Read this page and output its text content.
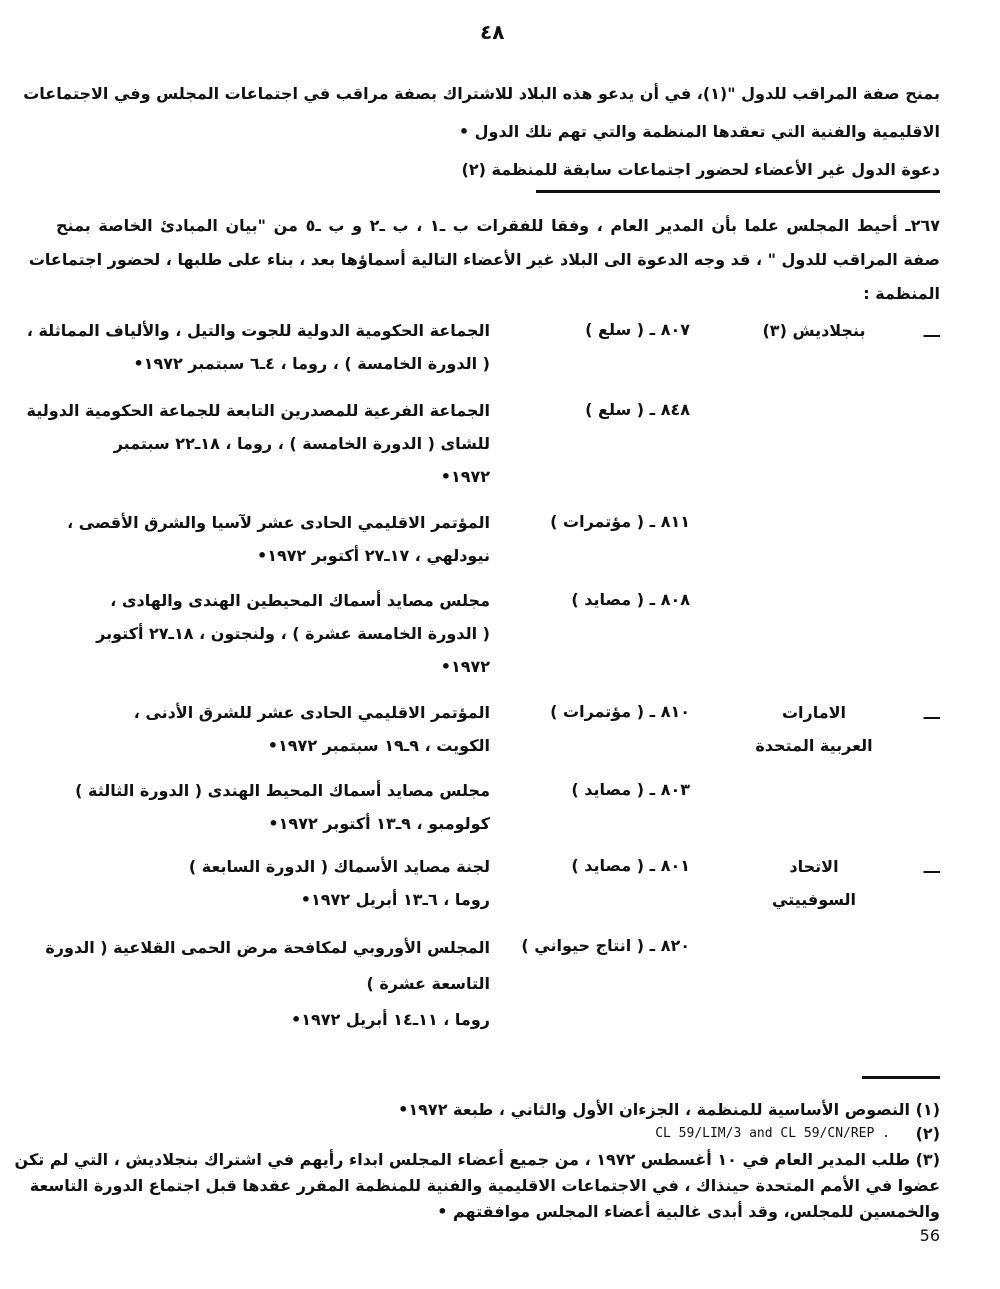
٤٨
بمنح صفة المراقب للدول "(١)، في أن يدعو هذه البلاد للاشتراك بصفة مراقب في اجتماعات المجلس وفي الاجتماعات
الاقليمية والفنية التي تعقدها المنظمة والتي تهم تلك الدول •
دعوة الدول غير الأعضاء لحضور اجتماعات سابقة للمنظمة (٢)
٢٦٧ـ أحيط المجلس علما بأن المدير العام ، وفقا للفقرات ب ـ١ ، ب ـ٢ و ب ـ٥ من "بيان المبادئ الخاصة بمنح
صفة المراقب للدول " ، قد وجه الدعوة الى البلاد غير الأعضاء التالية أسماؤها بعد ، بناء على طلبها ، لحضور اجتماعات
المنظمة :
ـــ
بنجلاديش (٣)
٨٠٧ ـ ( سلع )
الجماعة الحكومية الدولية للجوت والتيل ، والألياف المماثلة ،
( الدورة الخامسة ) ، روما ، ٤ـ٦ سبتمبر ١٩٧٢•
٨٤٨ ـ ( سلع )
الجماعة الفرعية للمصدرين التابعة للجماعة الحكومية الدولية
للشاى ( الدورة الخامسة ) ، روما ، ١٨ـ٢٢ سبتمبر
١٩٧٢•
٨١١ ـ ( مؤتمرات )
المؤتمر الاقليمي الحادى عشر لآسيا والشرق الأقصى ،
نيودلهي ، ١٧ـ٢٧ أكتوبر ١٩٧٢•
٨٠٨ ـ ( مصايد )
مجلس مصايد أسماك المحيطين الهندى والهادى ،
( الدورة الخامسة عشرة ) ، ولنجتون ، ١٨ـ٢٧ أكتوبر
١٩٧٢•
ـــ
الامارات العربية المتحدة
٨١٠ ـ ( مؤتمرات )
المؤتمر الاقليمي الحادى عشر للشرق الأدنى ،
الكويت ، ٩ـ١٩ سبتمبر ١٩٧٢•
٨٠٣ ـ ( مصايد )
مجلس مصايد أسماك المحيط الهندى ( الدورة الثالثة )
كولومبو ، ٩ـ١٣ أكتوبر ١٩٧٢•
ـــ
الاتحاد السوفييتي
٨٠١ ـ ( مصايد )
لجنة مصايد الأسماك ( الدورة السابعة )
روما ، ٦ـ١٣ أبريل ١٩٧٢•
٨٢٠ ـ ( انتاج حيواني )
المجلس الأوروبي لمكافحة مرض الحمى القلاعية ( الدورة
التاسعة عشرة )
روما ، ١١ـ١٤ أبريل ١٩٧٢•
(١) النصوص الأساسية للمنظمة ، الجزءان الأول والثاني ، طبعة ١٩٧٢•
(٢)
CL 59/LIM/3 and CL 59/CN/REP .
(٣) طلب المدير العام في ١٠ أغسطس ١٩٧٢ ، من جميع أعضاء المجلس ابداء رأيهم في اشتراك بنجلاديش ، التي لم تكن
عضوا في الأمم المتحدة حينذاك ، في الاجتماعات الاقليمية والفنية للمنظمة المقرر عقدها قبل اجتماع الدورة التاسعة
والخمسين للمجلس، وقد أبدى غالبية أعضاء المجلس موافقتهم •
56
